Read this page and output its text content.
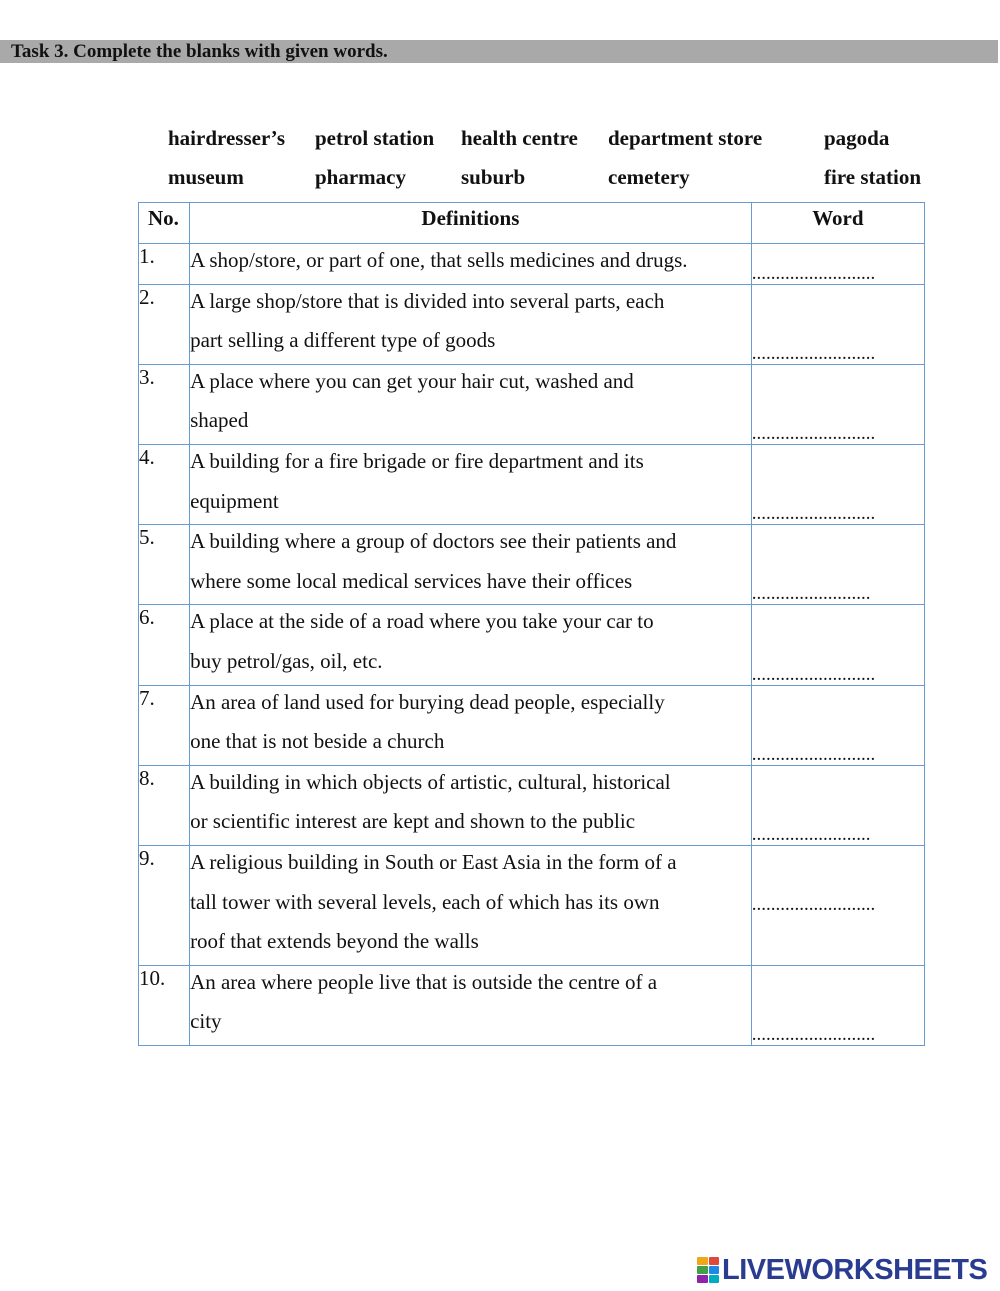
Task 3. Complete the blanks with given words.
hairdresser’s petrol station health centre department store	pagoda
museum	pharmacy	suburb	cemetery	fire station
No.	Definitions	Word
1.	A shop/store, or part of one, that sells medicines and drugs.	..........................
2.	A large shop/store that is divided into several parts, each
part selling a different type of goods	..........................
3.	A place where you can get your hair cut, washed and
shaped	..........................
4.	A building for a fire brigade or fire department and its
equipment	..........................
5.	A building where a group of doctors see their patients and
where some local medical services have their offices	.........................
6.	A place at the side of a road where you take your car to
buy petrol/gas, oil, etc.	..........................
7.	An area of land used for burying dead people, especially
one that is not beside a church	..........................
8.	A building in which objects of artistic, cultural, historical
or scientific interest are kept and shown to the public	.........................
9.	A religious building in South or East Asia in the form of a
tall tower with several levels, each of which has its own
roof that extends beyond the walls	..........................
10.	An area where people live that is outside the centre of a
city	..........................
LIVEWORKSHEETS
